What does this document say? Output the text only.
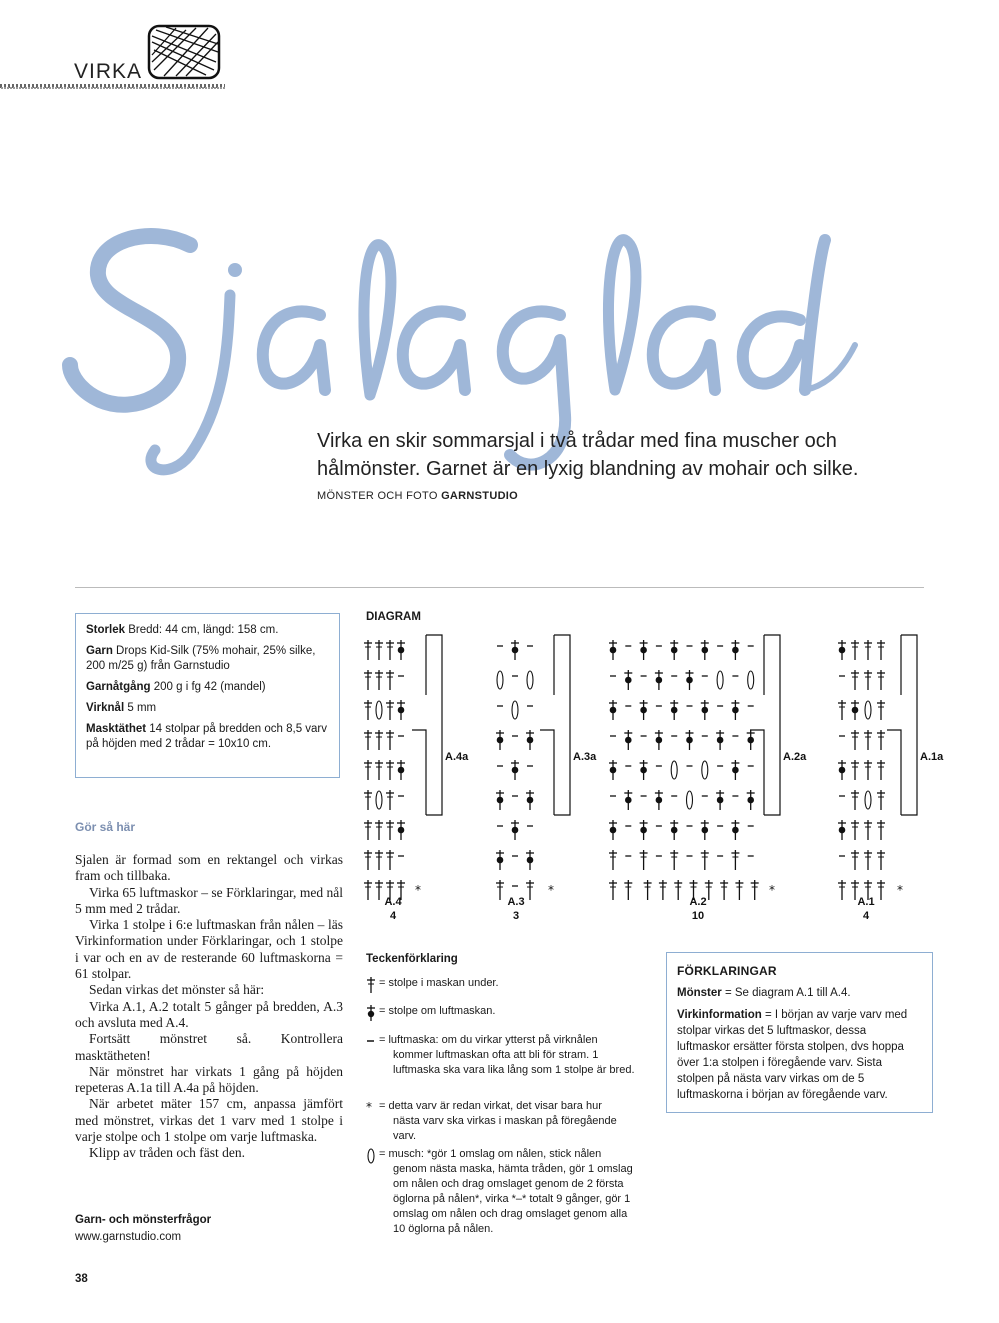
VIRKA
Virka en skir sommarsjal i två trådar med fina muscher och hålmönster. Garnet är en lyxig blandning av mohair och silke.
MÖNSTER OCH FOTO GARNSTUDIO

Storlek Bredd: 44 cm, längd: 158 cm.

Garn Drops Kid-Silk (75% mohair, 25% silke, 200 m/25 g) från Garnstudio

Garnåtgång 200 g i fg 42 (mandel)

Virknål 5 mm

Masktäthet 14 stolpar på bredden och 8,5 varv på höjden med 2 trådar = 10x10 cm.

Gör så här

Sjalen är formad som en rektangel och virkas fram och tillbaka.

Virka 65 luftmaskor – se Förklaringar, med nål 5 mm med 2 trådar.

Virka 1 stolpe i 6:e luftmaskan från nålen – läs Virkinformation under Förklaringar, och 1 stolpe i var och en av de resterande 60 luftmaskorna = 61 stolpar.

Sedan virkas det mönster så här:

Virka A.1, A.2 totalt 5 gånger på bredden, A.3 och avsluta med A.4.

Fortsätt mönstret så. Kontrollera masktätheten!

När mönstret har virkats 1 gång på höjden repeteras A.1a till A.4a på höjden.

När arbetet mäter 157 cm, anpassa jämfört med mönstret, virkas det 1 varv med 1 stolpe i varje stolpe och 1 stolpe om varje luftmaska.

Klipp av tråden och fäst den.

Garn- och mönsterfrågor
www.garnstudio.com
38
DIAGRAM
*
A.4a
A.4
4
*
A.3a
A.3
3
*
A.2a
A.2
10
*
A.1a
A.1
4
Teckenförklaring
= stolpe i maskan under.
= stolpe om luftmaskan.
= luftmaska: om du virkar ytterst på virknålen
kommer luftmaskan ofta att bli för stram. 1 luftmaska ska vara lika lång som 1 stolpe är bred.
* = detta varv är redan virkat, det visar bara hur
nästa varv ska virkas i maskan på föregående varv.
= musch: *gör 1 omslag om nålen, stick nålen
genom nästa maska, hämta tråden, gör 1 omslag om nålen och drag omslaget genom de 2 första öglorna på nålen*, virka *–* totalt 9 gånger, gör 1 omslag om nålen och drag omslaget genom alla 10 öglorna på nålen.
FÖRKLARINGAR

Mönster = Se diagram A.1 till A.4.

Virkinformation = I början av varje varv med stolpar virkas det 5 luftmaskor, dessa luftmaskor ersätter första stolpen, dvs hoppa över 1:a stolpen i föregående varv. Sista stolpen på nästa varv virkas om de 5 luftmaskorna i början av föregående varv.
